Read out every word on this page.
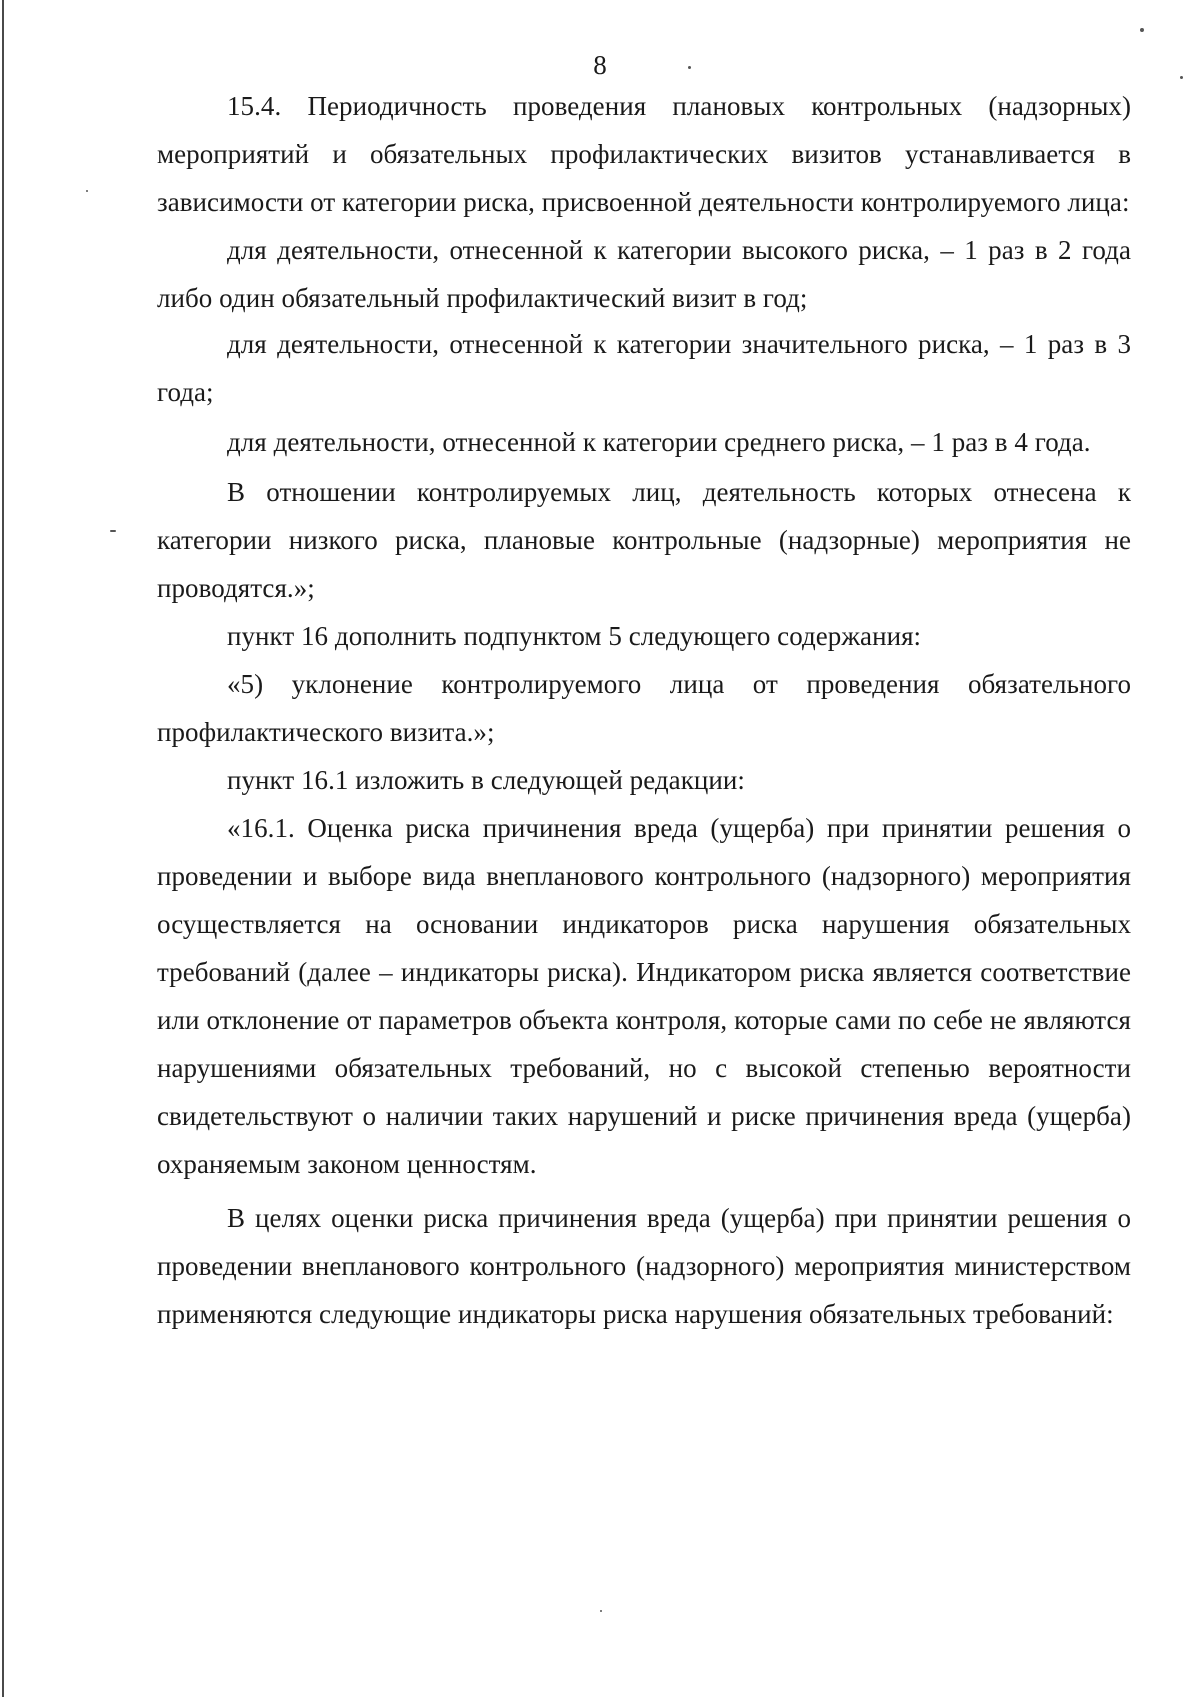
8

15.4. Периодичность проведения плановых контрольных (надзорных) мероприятий и обязательных профилактических визитов устанавливается в зависимости от категории риска, присвоенной деятельности контролируемого лица:

для деятельности, отнесенной к категории высокого риска, – 1 раз в 2 года либо один обязательный профилактический визит в год;

для деятельности, отнесенной к категории значительного риска, – 1 раз в 3 года;

для деятельности, отнесенной к категории среднего риска, – 1 раз в 4 года.

В отношении контролируемых лиц, деятельность которых отнесена к категории низкого риска, плановые контрольные (надзорные) мероприятия не проводятся.»;

пункт 16 дополнить подпунктом 5 следующего содержания:

«5) уклонение контролируемого лица от проведения обязательного профилактического визита.»;

пункт 16.1 изложить в следующей редакции:

«16.1. Оценка риска причинения вреда (ущерба) при принятии решения о проведении и выборе вида внепланового контрольного (надзорного) мероприятия осуществляется на основании индикаторов риска нарушения обязательных требований (далее – индикаторы риска). Индикатором риска является соответствие или отклонение от параметров объекта контроля, которые сами по себе не являются нарушениями обязательных требований, но с высокой степенью вероятности свидетельствуют о наличии таких нарушений и риске причинения вреда (ущерба) охраняемым законом ценностям.

В целях оценки риска причинения вреда (ущерба) при принятии решения о проведении внепланового контрольного (надзорного) мероприятия министерством применяются следующие индикаторы риска нарушения обязательных требований:
